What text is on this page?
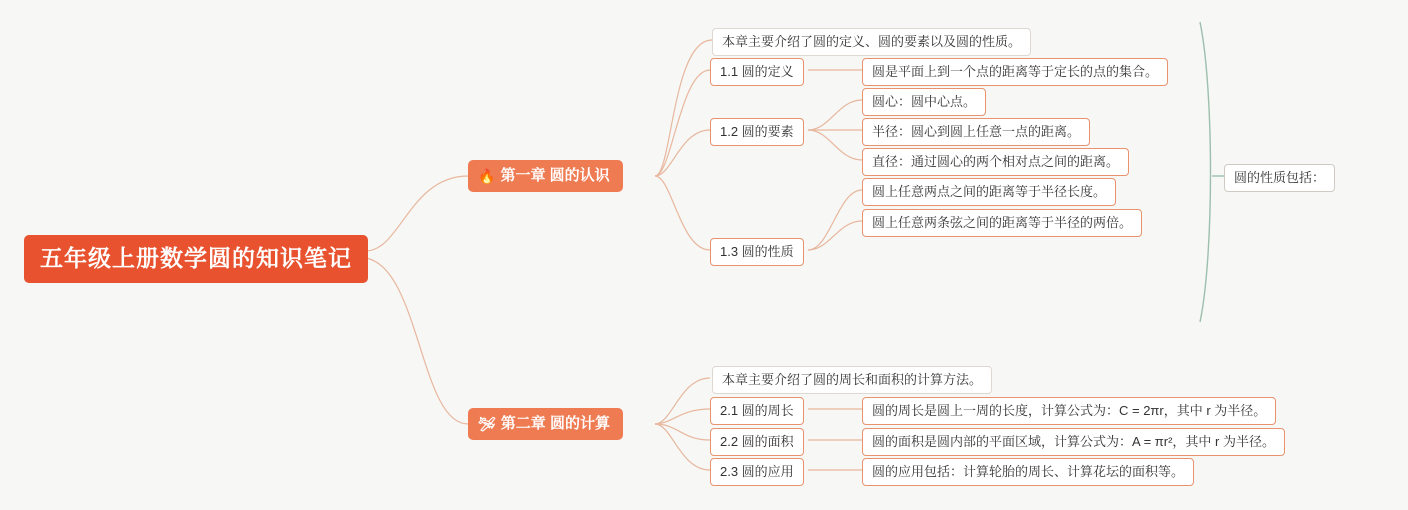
五年级上册数学圆的知识笔记
🔥 第一章 圆的认识
本章主要介绍了圆的定义、圆的要素以及圆的性质。
1.1 圆的定义
1.2 圆的要素
1.3 圆的性质
圆是平面上到一个点的距离等于定长的点的集合。
圆心：圆中心点。
半径：圆心到圆上任意一点的距离。
直径：通过圆心的两个相对点之间的距离。
圆上任意两点之间的距离等于半径长度。
圆上任意两条弦之间的距离等于半径的两倍。
圆的性质包括：
🛩 第二章 圆的计算
本章主要介绍了圆的周长和面积的计算方法。
2.1 圆的周长
2.2 圆的面积
2.3 圆的应用
圆的周长是圆上一周的长度，计算公式为：C = 2πr，其中 r 为半径。
圆的面积是圆内部的平面区域，计算公式为：A = πr²，其中 r 为半径。
圆的应用包括：计算轮胎的周长、计算花坛的面积等。
